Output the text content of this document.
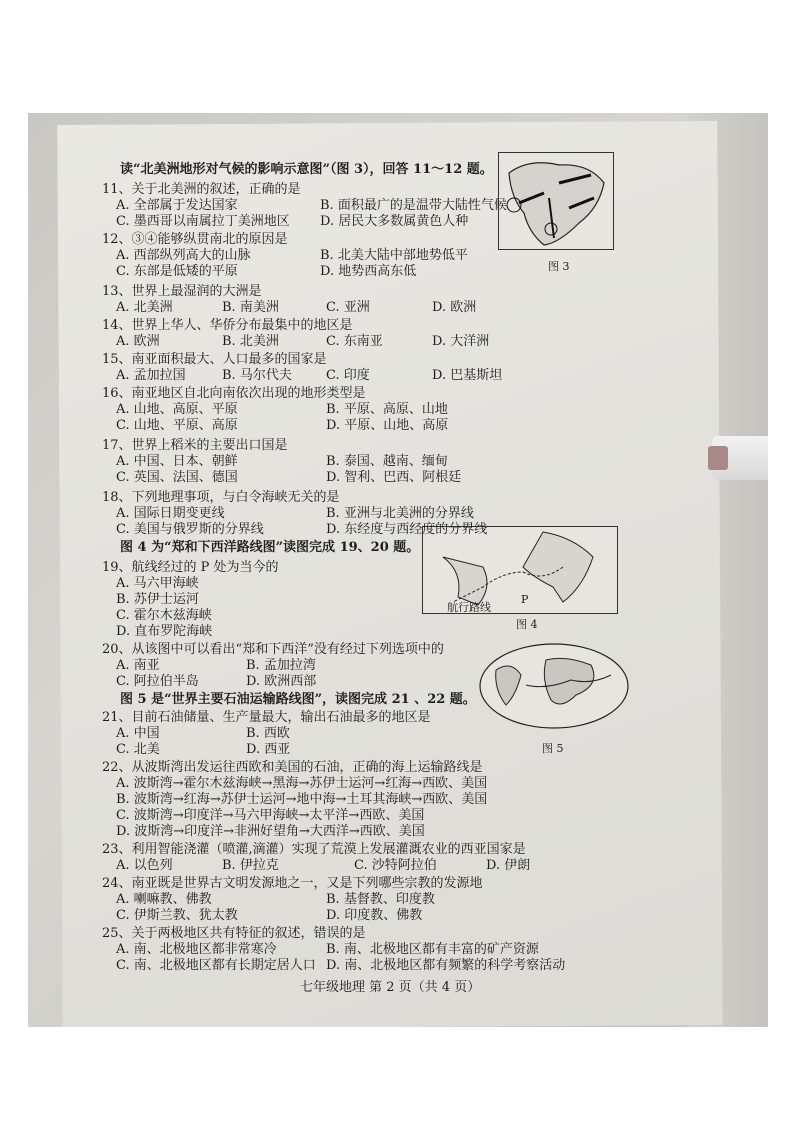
图 3
P
航行路线
图 4
图 5
读“北美洲地形对气候的影响示意图”（图 3），回答 11～12 题。
11、关于北美洲的叙述，正确的是
A. 全部属于发达国家	B. 面积最广的是温带大陆性气候
C. 墨西哥以南属拉丁美洲地区 D. 居民大多数属黄色人种
12、③④能够纵贯南北的原因是
A. 西部纵列高大的山脉	B. 北美大陆中部地势低平
C. 东部是低矮的平原	D. 地势西高东低
13、世界上最湿润的大洲是
A. 北美洲	B. 南美洲	C. 亚洲	D. 欧洲
14、世界上华人、华侨分布最集中的地区是
A. 欧洲	B. 北美洲	C. 东南亚	D. 大洋洲
15、南亚面积最大、人口最多的国家是
A. 孟加拉国	B. 马尔代夫	C. 印度	D. 巴基斯坦
16、南亚地区自北向南依次出现的地形类型是
A. 山地、高原、平原	B. 平原、高原、山地
C. 山地、平原、高原	D. 平原、山地、高原
17、世界上稻米的主要出口国是
A. 中国、日本、朝鲜	B. 泰国、越南、缅甸
C. 英国、法国、德国	D. 智利、巴西、阿根廷
18、下列地理事项，与白令海峡无关的是
A. 国际日期变更线	B. 亚洲与北美洲的分界线
C. 美国与俄罗斯的分界线	D. 东经度与西经度的分界线
图 4 为“郑和下西洋路线图”读图完成 19、20 题。
19、航线经过的 P 处为当今的
A. 马六甲海峡
B. 苏伊士运河
C. 霍尔木兹海峡
D. 直布罗陀海峡
20、从该图中可以看出“郑和下西洋”没有经过下列选项中的
A. 南亚	B. 孟加拉湾
C. 阿拉伯半岛	D. 欧洲西部
图 5 是“世界主要石油运输路线图”，读图完成 21 、22 题。
21、目前石油储量、生产量最大，输出石油最多的地区是
A. 中国	B. 西欧
C. 北美	D. 西亚
22、从波斯湾出发运往西欧和美国的石油，正确的海上运输路线是
A. 波斯湾→霍尔木兹海峡→黑海→苏伊士运河→红海→西欧、美国
B. 波斯湾→红海→苏伊士运河→地中海→土耳其海峡→西欧、美国
C. 波斯湾→印度洋→马六甲海峡→太平洋→西欧、美国
D. 波斯湾→印度洋→非洲好望角→大西洋→西欧、美国
23、利用智能浇灌（喷灌,滴灌）实现了荒漠上发展灌溉农业的西亚国家是
A. 以色列	B. 伊拉克	C. 沙特阿拉伯	D. 伊朗
24、南亚既是世界古文明发源地之一，又是下列哪些宗教的发源地
A. 喇嘛教、佛教	B. 基督教、印度教
C. 伊斯兰教、犹太教	D. 印度教、佛教
25、关于两极地区共有特征的叙述，错误的是
A. 南、北极地区都非常寒冷	B. 南、北极地区都有丰富的矿产资源
C. 南、北极地区都有长期定居人口 D. 南、北极地区都有频繁的科学考察活动
七年级地理 第 2 页（共 4 页）
